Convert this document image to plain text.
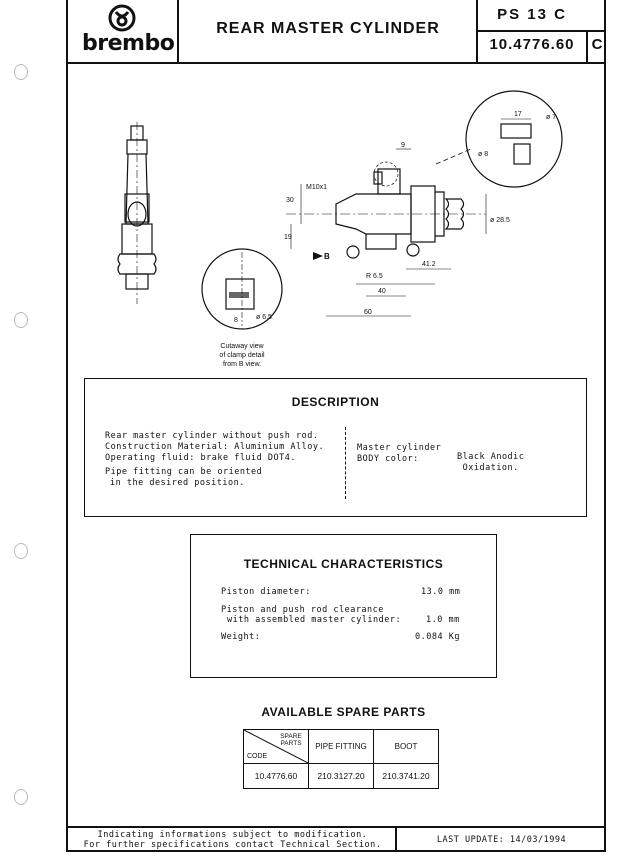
brembo
REAR MASTER CYLINDER
PS 13 C
10.4776.60	C
17	ø 7
ø 8
9
M10x1
30
19
ø 28.5
R 6.5
41.2
40
60
8	ø 6.5
B
Cutaway view
of clamp detail
from B view.
DESCRIPTION
Rear master cylinder without push rod.
Construction Material: Aluminium Alloy.
Operating fluid: brake fluid DOT4.
Pipe fitting can be oriented
in the desired position.
Master cylinder
BODY color:	Black Anodic
Oxidation.
TECHNICAL CHARACTERISTICS
Piston diameter:	13.0 mm
Piston and push rod clearance
with assembled master cylinder:	1.0 mm
Weight:	0.084 Kg
AVAILABLE SPARE PARTS
CODE
SPARE PARTS	PIPE FITTING	BOOT
10.4776.60	210.3127.20	210.3741.20
Indicating informations subject to modification.
For further specifications contact Technical Section.	LAST UPDATE: 14/03/1994
